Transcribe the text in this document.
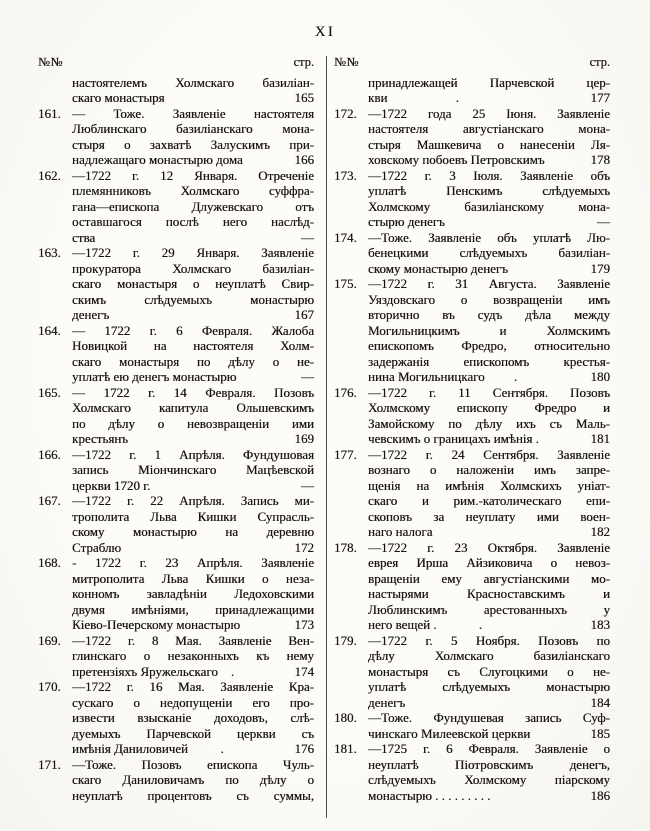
XI
№№	стр.
настоятелемъ Холмскаго базиліан-
скаго монастыря	165
161. — Тоже. Заявленіе настоятеля
Люблинскаго базиліанскаго мона-
стыря о захватѣ Залускимъ при-
надлежащаго монастырю дома	166
162. —1722 г. 12 Января. Отреченіе
племянниковъ Холмскаго суффра-
гана—епископа Длужевскаго отъ
оставшагося послѣ него наслѣд-
ства	—
163. —1722 г. 29 Января. Заявленіе
прокуратора Холмскаго базиліан-
скаго монастыря о неуплатѣ Свир-
скимъ слѣдуемыхъ монастырю
денегъ	167
164. — 1722 г. 6 Февраля. Жалоба
Новицкой на настоятеля Холм-
скаго монастыря по дѣлу о не-
уплатѣ ею денегъ монастырю	—
165. — 1722 г. 14 Февраля. Позовъ
Холмскаго капитула Ольшевскимъ
по дѣлу о невозвращеніи ими
крестьянъ	169
166. —1722 г. 1 Апрѣля. Фундушовая
запись Міончинскаго Мацѣевской
церкви 1720 г.	—
167. —1722 г. 22 Апрѣля. Запись ми-
трополита Льва Кишки Супрасль-
скому монастырю на деревню
Страблю	172
168. - 1722 г. 23 Апрѣля. Заявленіе
митрополита Льва Кишки о неза-
конномъ завладѣніи Ледоховскими
двумя имѣніями, принадлежащими
Кіево-Печерскому монастырю	173
169. —1722 г. 8 Мая. Заявленіе Вен-
глинскаго о незаконныхъ къ нему
претензіяхъ Яружельскаго    .	174
170. —1722 г. 16 Мая. Заявленіе Кра-
сускаго о недопущеніи его про-
извести взысканіе доходовъ, слѣ-
дуемыхъ Парчевской церкви съ
имѣнія Даниловичей          .	176
171. —Тоже. Позовъ епископа Чуль-
скаго Даниловичамъ по дѣлу о
неуплатѣ процентовъ съ суммы,
№№	стр.
принадлежащей Парчевской цер-
кви                     .	177
172. —1722 года 25 Іюня. Заявленіе
настоятеля августіанскаго мона-
стыря Машкевича о нанесеніи Ля-
ховскому побоевъ Петровскимъ	178
173. —1722 г. 3 Іюля. Заявленіе объ
уплатѣ Пенскимъ слѣдуемыхъ
Холмскому базиліанскому мона-
стырю денегъ	—
174. —Тоже. Заявленіе объ уплатѣ Лю-
бенецкими слѣдуемыхъ базиліан-
скому монастырю денегъ	179
175. —1722 г. 31 Августа. Заявленіе
Уяздовскаго о возвращеніи имъ
вторично въ судъ дѣла между
Могильницкимъ и Холмскимъ
епископомъ Фредро, относительно
задержанія епископомъ крестья-
нина Могильницкаго         .	180
176. —1722 г. 11 Сентября. Позовъ
Холмскому епископу Фредро и
Замойскому по дѣлу ихъ съ Маль-
чевскимъ о границахъ имѣнія .	181
177. —1722 г. 24 Сентября. Заявленіе
вознаго о наложеніи имъ запре-
щенія на имѣнія Холмскихъ уніат-
скаго и рим.-католическаго епи-
скоповъ за неуплату ими воен-
наго налога	182
178. —1722 г. 23 Октября. Заявленіе
еврея Ирша Айзиковича о невоз-
вращеніи ему августіанскими мо-
настырями Красноставскимъ и
Люблинскимъ арестованныхъ у
него вещей .             .	183
179. —1722 г. 5 Ноября. Позовъ по
дѣлу Холмскаго базиліанскаго
монастыря съ Слугоцкими о не-
уплатѣ слѣдуемыхъ монастырю
денегъ	184
180. —Тоже. Фундушевая запись Суф-
чинскаго Милеевской церкви	185
181. —1725 г. 6 Февраля. Заявленіе о
неуплатѣ Піотровскимъ денегъ,
слѣдуемыхъ Холмскому піарскому
монастырю . . . . . . . . .	186
